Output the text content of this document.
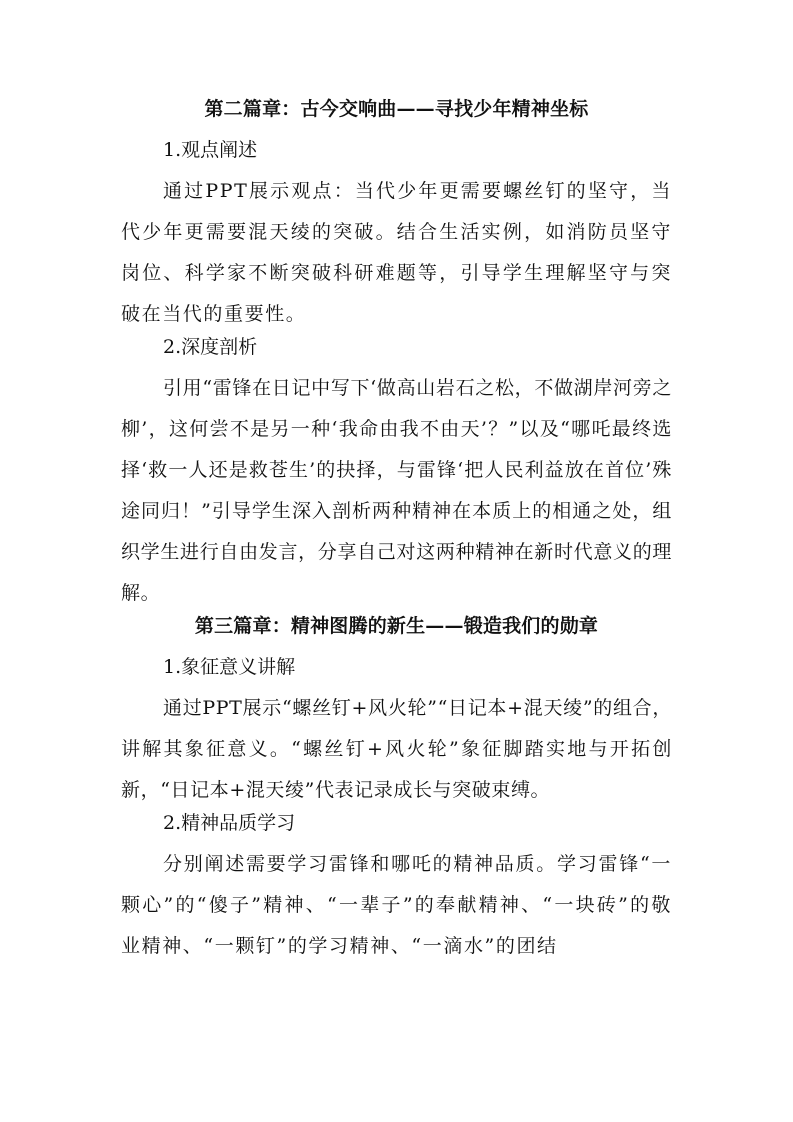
第二篇章：古今交响曲——寻找少年精神坐标

1.观点阐述

通过PPT展示观点：当代少年更需要螺丝钉的坚守，当代少年更需要混天绫的突破。结合生活实例，如消防员坚守岗位、科学家不断突破科研难题等，引导学生理解坚守与突破在当代的重要性。

2.深度剖析

引用“雷锋在日记中写下‘做高山岩石之松，不做湖岸河旁之柳’，这何尝不是另一种‘我命由我不由天’？”以及“哪吒最终选择‘救一人还是救苍生’的抉择，与雷锋‘把人民利益放在首位’殊途同归！”引导学生深入剖析两种精神在本质上的相通之处，组织学生进行自由发言，分享自己对这两种精神在新时代意义的理解。

第三篇章：精神图腾的新生——锻造我们的勋章

1.象征意义讲解

通过PPT展示“螺丝钉+风火轮”“日记本+混天绫”的组合，讲解其象征意义。“螺丝钉+风火轮”象征脚踏实地与开拓创新，“日记本+混天绫”代表记录成长与突破束缚。

2.精神品质学习

分别阐述需要学习雷锋和哪吒的精神品质。学习雷锋“一颗心”的“傻子”精神、“一辈子”的奉献精神、“一块砖”的敬业精神、“一颗钉”的学习精神、“一滴水”的团结
